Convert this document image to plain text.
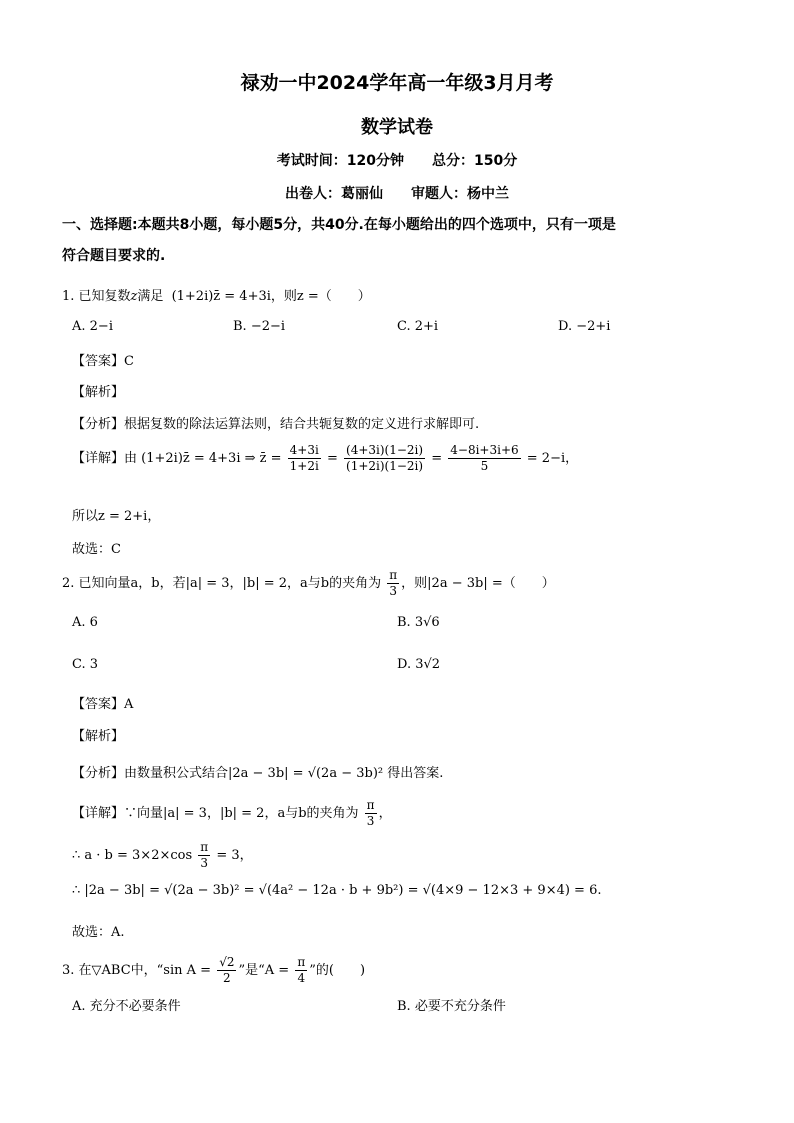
禄劝一中2024学年高一年级3月月考
数学试卷
考试时间：120分钟　　总分：150分
出卷人：葛丽仙　　审题人：杨中兰
一、选择题:本题共8小题，每小题5分，共40分.在每小题给出的四个选项中，只有一项是
符合题目要求的.
1. 已知复数z满足 (1+2i)z̄ = 4+3i，则z =（　　）
A. 2−i	B. −2−i	C. 2+i	D. −2+i
【答案】C
【解析】
【分析】根据复数的除法运算法则，结合共轭复数的定义进行求解即可.
【详解】由 (1+2i)z̄ = 4+3i ⇒ z̄ = $\frac{4+3i}{1+2i} = \frac{(4+3i)(1-2i)}{(1+2i)(1-2i)} = \frac{4-8i+3i+6}{5} = 2-i$，
所以z = 2+i，
故选：C
2. 已知向量a，b，若|a| = 3，|b| = 2，a与b的夹角为 $\frac{\pi}{3}$ ，则|2a − 3b| =（　　）
A. 6	B. 3√6
C. 3	D. 3√2
【答案】A
【解析】
【分析】由数量积公式结合|2a − 3b| = √(2a − 3b)² 得出答案.
【详解】∵向量|a| = 3，|b| = 2，a与b的夹角为 $\frac{\pi}{3}$ ，
∴ $a \cdot b = 3\times 2\times\cos \frac{\pi}{3} = 3$，
∴ |2a − 3b| = √(2a − 3b)² = √(4a² − 12a · b + 9b²) = √(4×9 − 12×3 + 9×4) = 6.
故选：A.
3. 在▽ABC中，“sin $A = \frac{√2}{2}$ ”是“$A = \frac{\pi}{4}$ ”的(　　)
A. 充分不必要条件	B. 必要不充分条件
